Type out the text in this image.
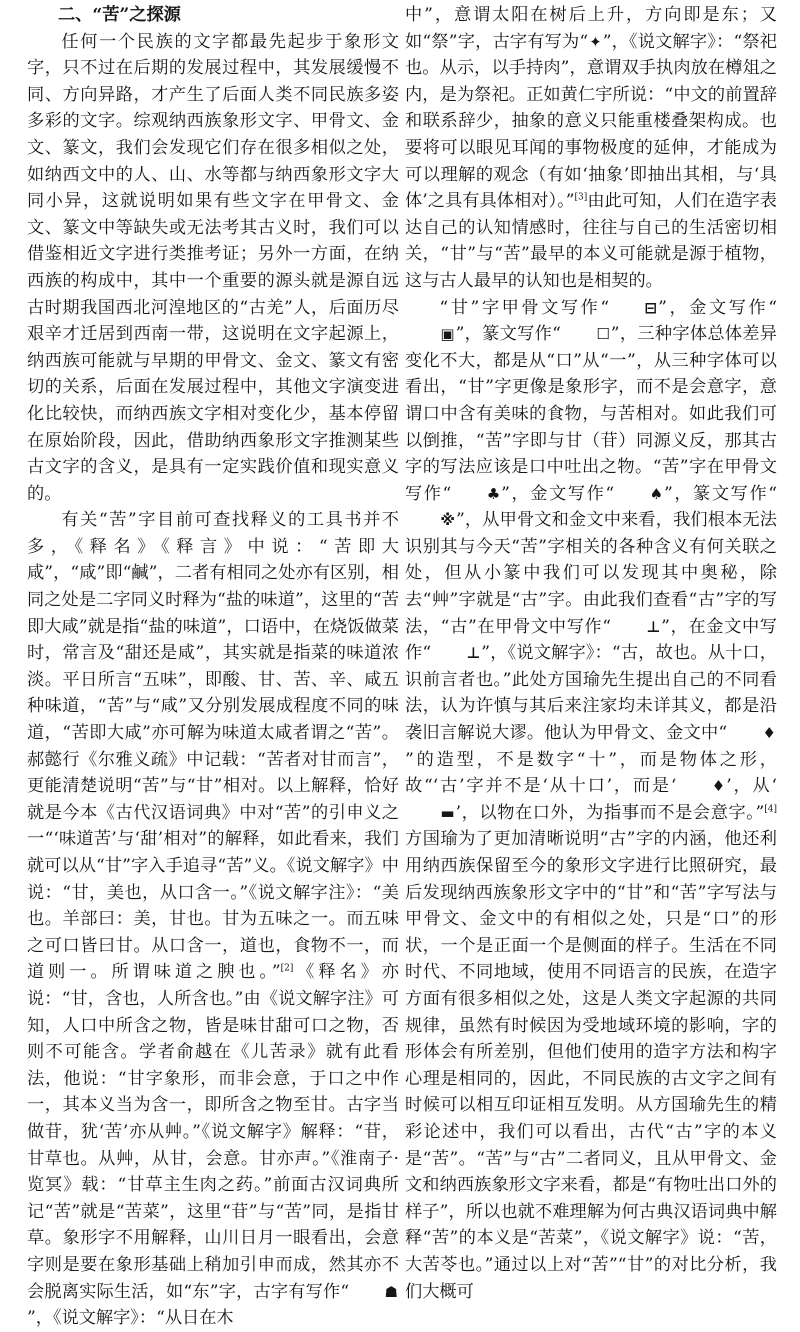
二、“苦”之探源

任何一个民族的文字都最先起步于象形文字，只不过在后期的发展过程中，其发展缓慢不同、方向异路，才产生了后面人类不同民族多姿多彩的文字。综观纳西族象形文字、甲骨文、金文、篆文，我们会发现它们存在很多相似之处，如纳西文中的人、山、水等都与纳西象形文字大同小异，这就说明如果有些文字在甲骨文、金文、篆文中等缺失或无法考其古义时，我们可以借鉴相近文字进行类推考证；另外一方面，在纳西族的构成中，其中一个重要的源头就是源自远古时期我国西北河湟地区的“古羌”人，后面历尽艰辛才迁居到西南一带，这说明在文字起源上，纳西族可能就与早期的甲骨文、金文、篆文有密切的关系，后面在发展过程中，其他文字演变进化比较快，而纳西族文字相对变化少，基本停留在原始阶段，因此，借助纳西象形文字推测某些古文字的含义，是具有一定实践价值和现实意义的。

有关“苦”字目前可查找释义的工具书并不多，《释名》《释言》中说：“苦即大咸”，“咸”即“鹹”，二者有相同之处亦有区别，相同之处是二字同义时释为“盐的味道”，这里的“苦即大咸”就是指“盐的味道”，口语中，在烧饭做菜时，常言及“甜还是咸”，其实就是指菜的味道浓淡。平日所言“五味”，即酸、甘、苦、辛、咸五种味道，“苦”与“咸”又分别发展成程度不同的味道，“苦即大咸”亦可解为味道太咸者谓之“苦”。郝懿行《尔雅义疏》中记载：“苦者对甘而言”，更能清楚说明“苦”与“甘”相对。以上解释，恰好就是今本《古代汉语词典》中对“苦”的引申义之一“‘味道苦’与‘甜’相对”的解释，如此看来，我们就可以从“甘”字入手追寻“苦”义。《说文解字》中说：“甘，美也，从口含一。”《说文解字注》：“美也。羊部曰：美，甘也。甘为五味之一。而五味之可口皆曰甘。从口含一，道也，食物不一，而道则一。所谓味道之腴也。”[2]《释名》亦说：“甘，含也，人所含也。”由《说文解字注》可知，人口中所含之物，皆是味甘甜可口之物，否则不可能含。学者俞越在《儿苦录》就有此看法，他说：“甘字象形，而非会意，于口之中作一，其本义当为含一，即所含之物至甘。古字当做苷，犹‘苦’亦从艸。”《说文解字》解释：“苷，甘草也。从艸，从甘，会意。甘亦声。”《淮南子·览冥》载：“甘草主生肉之药。”前面古汉词典所记“苦”就是“苦菜”，这里“苷”与“苦”同，是指甘草。象形字不用解释，山川日月一眼看出，会意字则是要在象形基础上稍加引申而成，然其亦不会脱离实际生活，如“东”字，古字有写作“ ☗”，《说文解字》：“从日在木

中”，意谓太阳在树后上升，方向即是东；又如“祭”字，古字有写为“✦”，《说文解字》：“祭祀也。从示，以手持肉”，意谓双手执肉放在樽俎之内，是为祭祀。正如黄仁宇所说：“中文的前置辞和联系辞少，抽象的意义只能重楼叠架构成。也要将可以眼见耳闻的事物极度的延伸，才能成为可以理解的观念（有如‘抽象’即抽出其相，与‘具体’之具有具体相对）。”[3]由此可知，人们在造字表达自己的认知情感时，往往与自己的生活密切相关，“甘”与“苦”最早的本义可能就是源于植物，这与古人最早的认知也是相契的。

“甘”字甲骨文写作“ ⊟”，金文写作“▣”，篆文写作“ ☐”，三种字体总体差异变化不大，都是从“口”从“一”，从三种字体可以看出，“甘”字更像是象形字，而不是会意字，意谓口中含有美味的食物，与苦相对。如此我们可以倒推，“苦”字即与甘（苷）同源义反，那其古字的写法应该是口中吐出之物。“苦”字在甲骨文写作“ ♣”，金文写作“ ♠”，篆文写作“※”，从甲骨文和金文中来看，我们根本无法识别其与今天“苦”字相关的各种含义有何关联之处，但从小篆中我们可以发现其中奥秘，除去“艸”字就是“古”字。由此我们查看“古”字的写法，“古”在甲骨文中写作“ ⊥”，在金文中写作“ ⊥”，《说文解字》：“古，故也。从十口，识前言者也。”此处方国瑜先生提出自己的不同看法，认为许慎与其后来注家均未详其义，都是沿袭旧言解说大谬。他认为甲骨文、金文中“ ♦”的造型，不是数字“十”，而是物体之形，故“‘古’字并不是‘从十口’，而是‘ ♦’，从‘▬’，以物在口外，为指事而不是会意字。”[4]方国瑜为了更加清晰说明“古”字的内涵，他还利用纳西族保留至今的象形文字进行比照研究，最后发现纳西族象形文字中的“甘”和“苦”字写法与甲骨文、金文中的有相似之处，只是“口”的形状，一个是正面一个是侧面的样子。生活在不同时代、不同地域，使用不同语言的民族，在造字方面有很多相似之处，这是人类文字起源的共同规律，虽然有时候因为受地域环境的影响，字的形体会有所差别，但他们使用的造字方法和构字心理是相同的，因此，不同民族的古文字之间有时候可以相互印证相互发明。从方国瑜先生的精彩论述中，我们可以看出，古代“古”字的本义是“苦”。“苦”与“古”二者同义，且从甲骨文、金文和纳西族象形文字来看，都是“有物吐出口外的样子”，所以也就不难理解为何古典汉语词典中解释“苦”的本义是“苦菜”，《说文解字》说：“苦，大苦苓也。”通过以上对“苦”“甘”的对比分析，我们大概可
